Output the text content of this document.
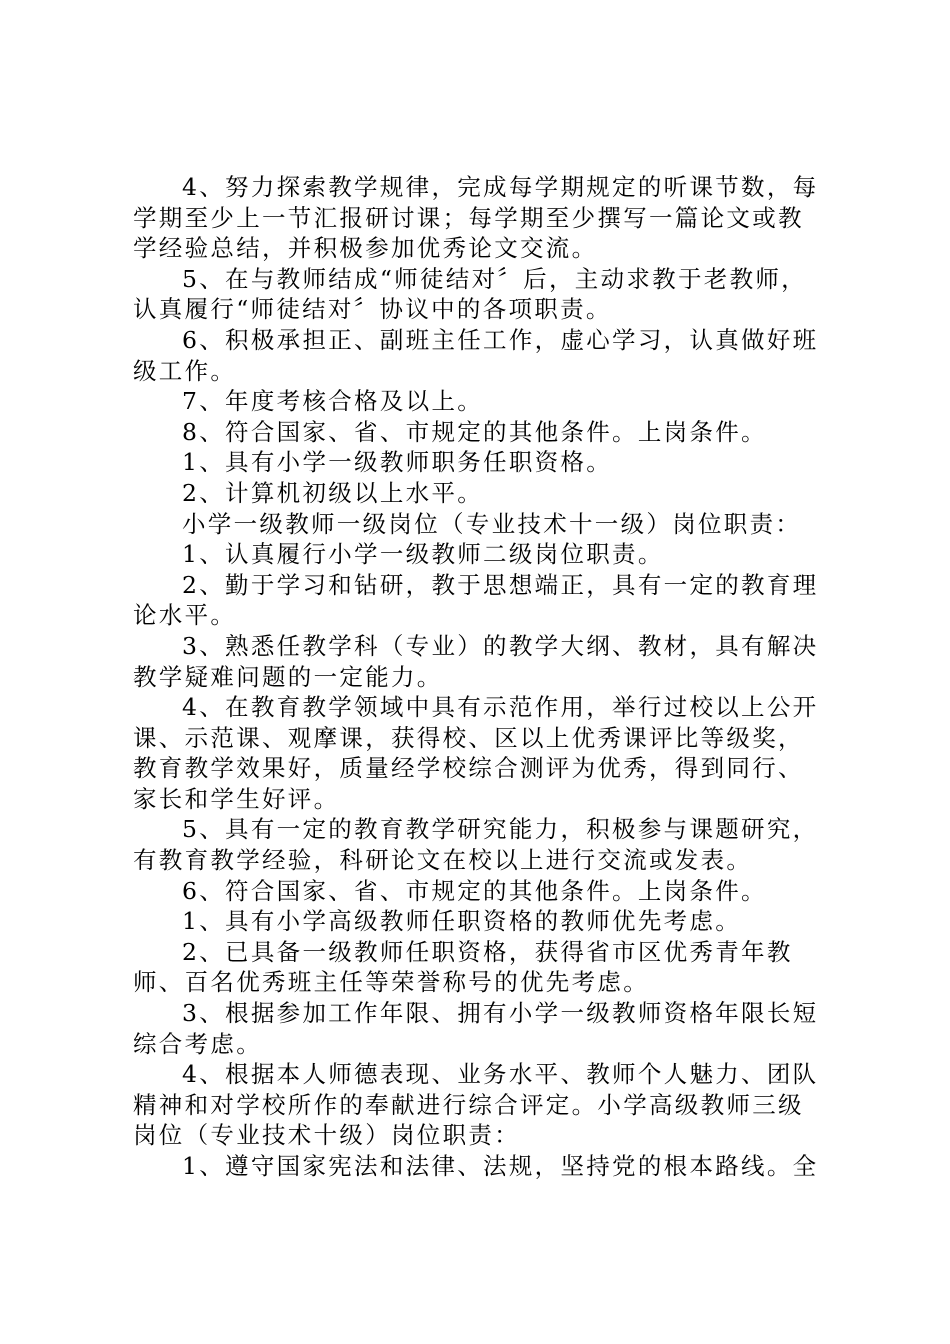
4、努力探索教学规律，完成每学期规定的听课节数，每学期至少上一节汇报研讨课；每学期至少撰写一篇论文或教学经验总结，并积极参加优秀论文交流。

5、在与教师结成“师徒结对〞后，主动求教于老教师，认真履行“师徒结对〞协议中的各项职责。

6、积极承担正、副班主任工作，虚心学习，认真做好班级工作。

7、年度考核合格及以上。

8、符合国家、省、市规定的其他条件。上岗条件。

1、具有小学一级教师职务任职资格。

2、计算机初级以上水平。

小学一级教师一级岗位（专业技术十一级）岗位职责：

1、认真履行小学一级教师二级岗位职责。

2、勤于学习和钻研，教于思想端正，具有一定的教育理论水平。

3、熟悉任教学科（专业）的教学大纲、教材，具有解决教学疑难问题的一定能力。

4、在教育教学领域中具有示范作用，举行过校以上公开课、示范课、观摩课，获得校、区以上优秀课评比等级奖，教育教学效果好，质量经学校综合测评为优秀，得到同行、家长和学生好评。

5、具有一定的教育教学研究能力，积极参与课题研究，有教育教学经验，科研论文在校以上进行交流或发表。

6、符合国家、省、市规定的其他条件。上岗条件。

1、具有小学高级教师任职资格的教师优先考虑。

2、已具备一级教师任职资格，获得省市区优秀青年教师、百名优秀班主任等荣誉称号的优先考虑。

3、根据参加工作年限、拥有小学一级教师资格年限长短综合考虑。

4、根据本人师德表现、业务水平、教师个人魅力、团队精神和对学校所作的奉献进行综合评定。小学高级教师三级岗位（专业技术十级）岗位职责：

1、遵守国家宪法和法律、法规，坚持党的根本路线。全
